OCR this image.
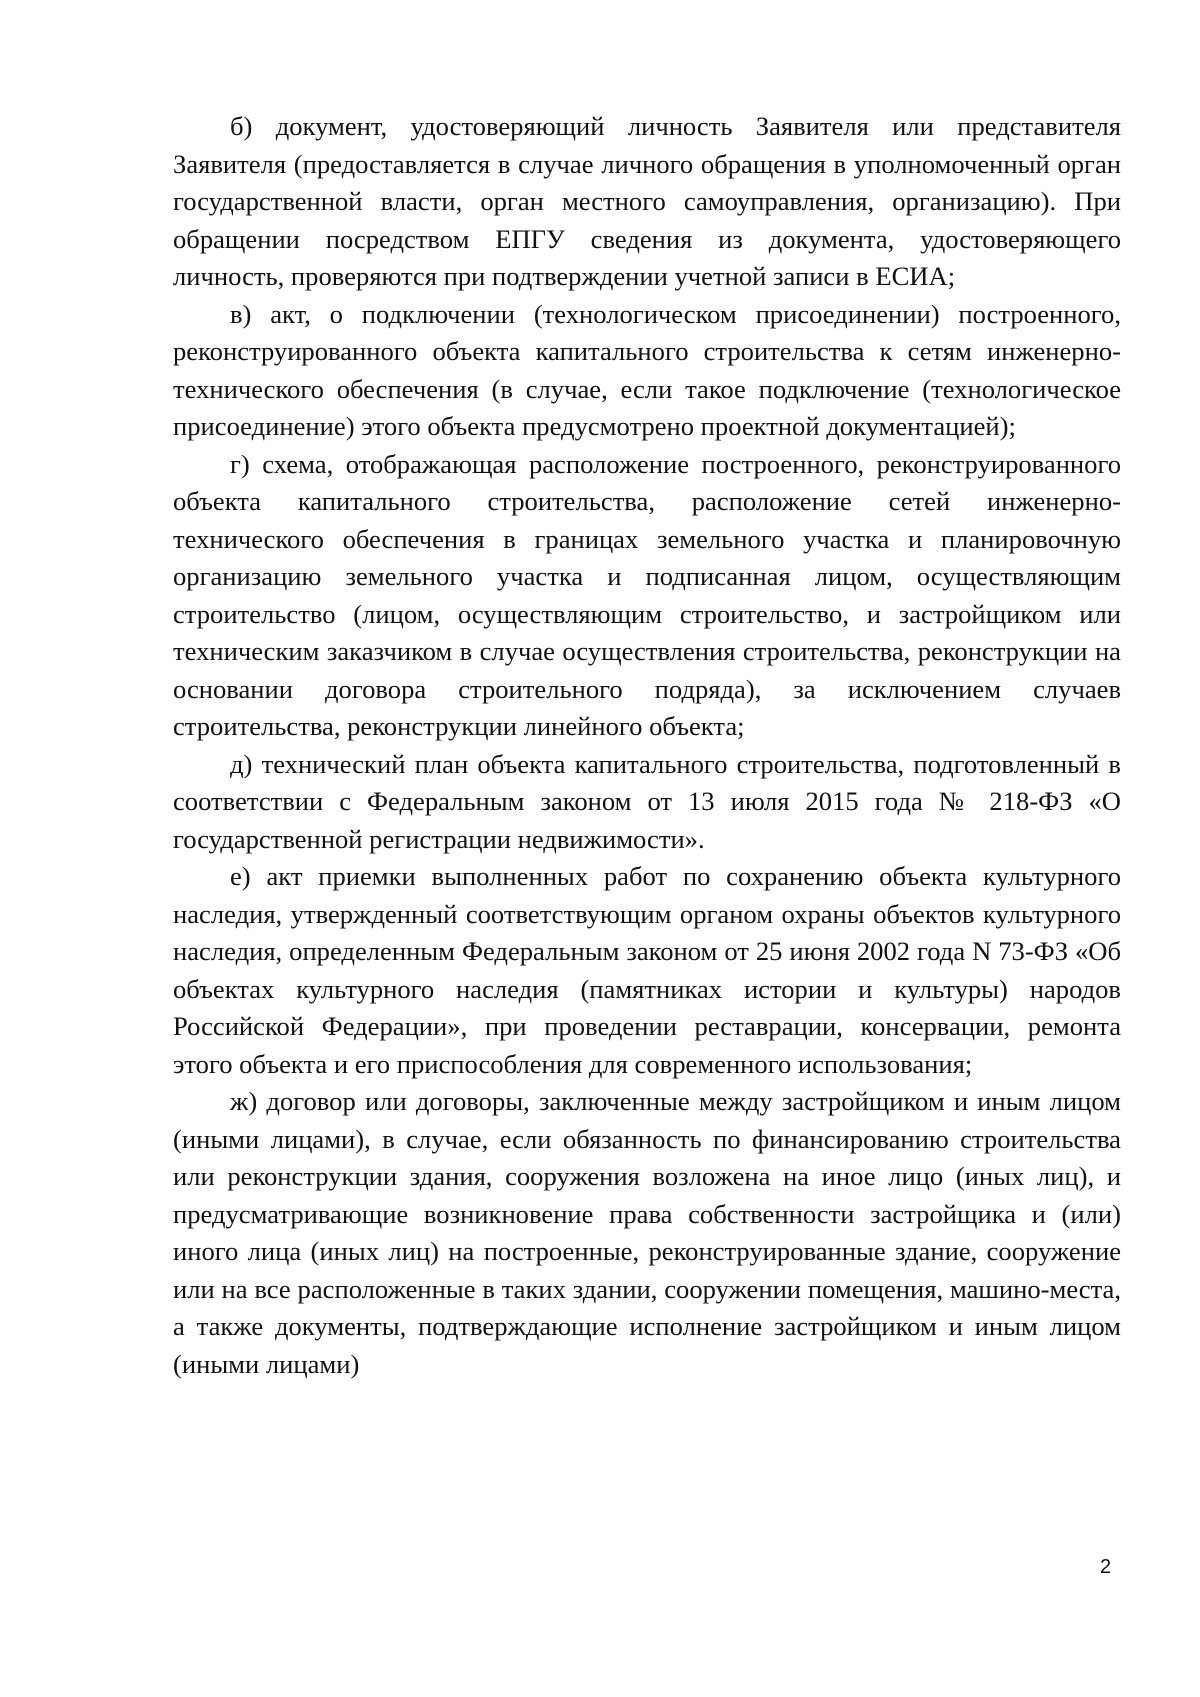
б) документ, удостоверяющий личность Заявителя или представителя Заявителя (предоставляется в случае личного обращения в уполномоченный орган государственной власти, орган местного самоуправления, организацию). При обращении посредством ЕПГУ сведения из документа, удостоверяющего личность, проверяются при подтверждении учетной записи в ЕСИА;

в) акт, о подключении (технологическом присоединении) построенного, реконструированного объекта капитального строительства к сетям инженерно-технического обеспечения (в случае, если такое подключение (технологическое присоединение) этого объекта предусмотрено проектной документацией);

г) схема, отображающая расположение построенного, реконструированного объекта капитального строительства, расположение сетей инженерно-технического обеспечения в границах земельного участка и планировочную организацию земельного участка и подписанная лицом, осуществляющим строительство (лицом, осуществляющим строительство, и застройщиком или техническим заказчиком в случае осуществления строительства, реконструкции на основании договора строительного подряда), за исключением случаев строительства, реконструкции линейного объекта;

д) технический план объекта капитального строительства, подготовленный в соответствии с Федеральным законом от 13 июля 2015 года № 218-ФЗ «О государственной регистрации недвижимости».

е) акт приемки выполненных работ по сохранению объекта культурного наследия, утвержденный соответствующим органом охраны объектов культурного наследия, определенным Федеральным законом от 25 июня 2002 года N 73-ФЗ «Об объектах культурного наследия (памятниках истории и культуры) народов Российской Федерации», при проведении реставрации, консервации, ремонта этого объекта и его приспособления для современного использования;

ж) договор или договоры, заключенные между застройщиком и иным лицом (иными лицами), в случае, если обязанность по финансированию строительства или реконструкции здания, сооружения возложена на иное лицо (иных лиц), и предусматривающие возникновение права собственности застройщика и (или) иного лица (иных лиц) на построенные, реконструированные здание, сооружение или на все расположенные в таких здании, сооружении помещения, машино-места, а также документы, подтверждающие исполнение застройщиком и иным лицом (иными лицами)

2
